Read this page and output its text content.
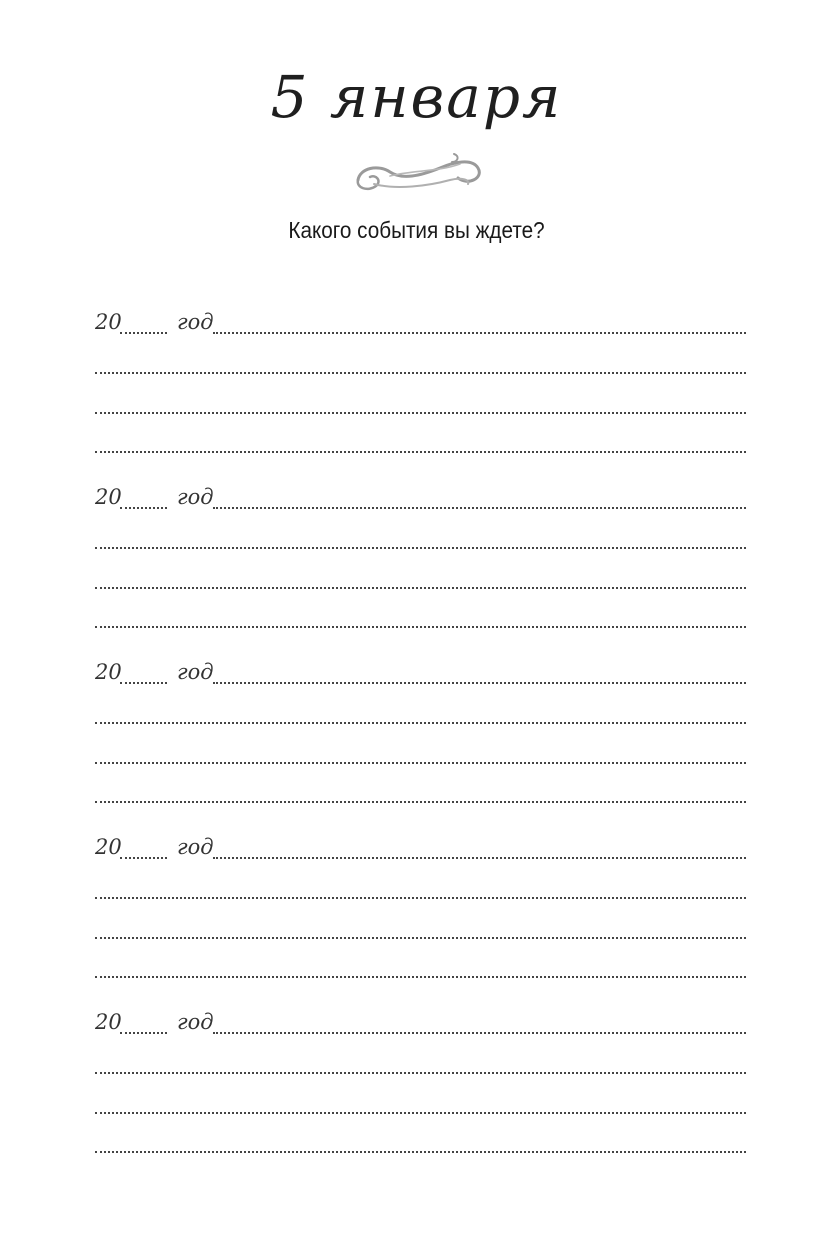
5 января
Какого события вы ждете?
20	год
20	год
20	год
20	год
20	год
